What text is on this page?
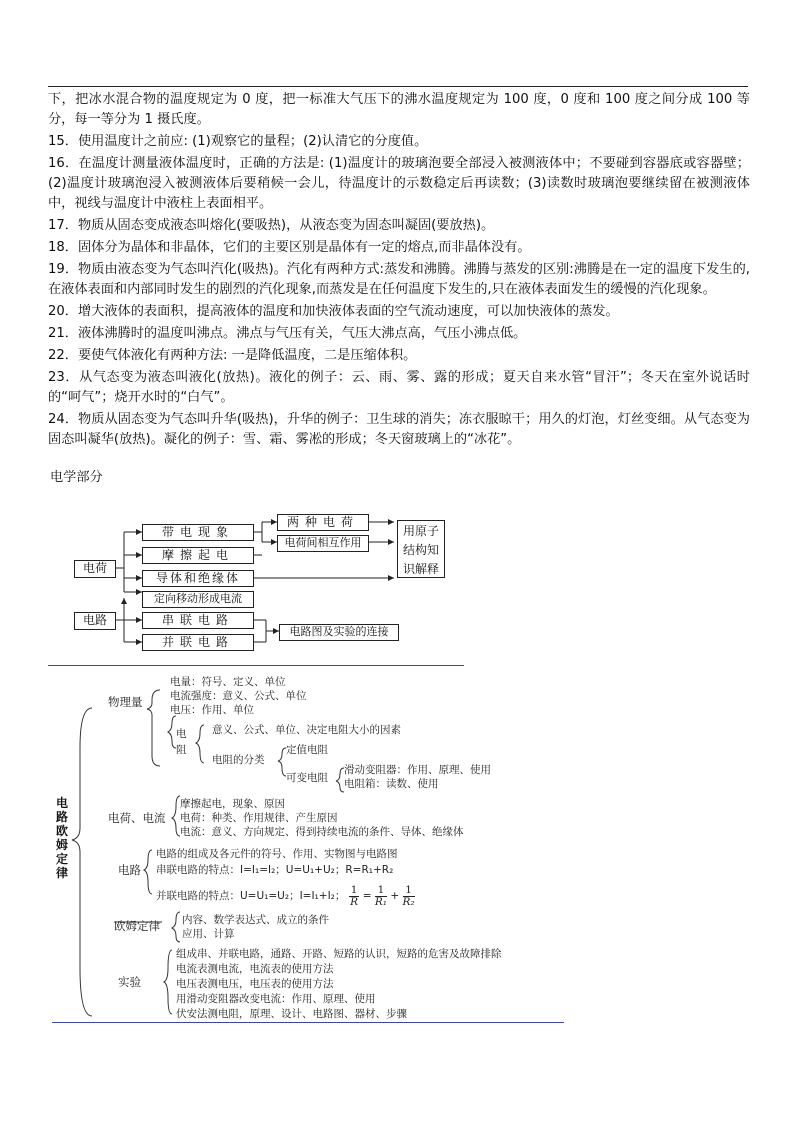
下，把冰水混合物的温度规定为 0 度，把一标准大气压下的沸水温度规定为 100 度，0 度和 100 度之间分成 100 等分，每一等分为 1 摄氏度。

15．使用温度计之前应: (1)观察它的量程；(2)认清它的分度值。

16．在温度计测量液体温度时，正确的方法是: (1)温度计的玻璃泡要全部浸入被测液体中；不要碰到容器底或容器壁；(2)温度计玻璃泡浸入被测液体后要稍候一会儿，待温度计的示数稳定后再读数；(3)读数时玻璃泡要继续留在被测液体中，视线与温度计中液柱上表面相平。

17．物质从固态变成液态叫熔化(要吸热)，从液态变为固态叫凝固(要放热)。

18．固体分为晶体和非晶体，它们的主要区别是晶体有一定的熔点,而非晶体没有。

19．物质由液态变为气态叫汽化(吸热)。汽化有两种方式:蒸发和沸腾。沸腾与蒸发的区别:沸腾是在一定的温度下发生的,在液体表面和内部同时发生的剧烈的汽化现象,而蒸发是在任何温度下发生的,只在液体表面发生的缓慢的汽化现象。

20．增大液体的表面积，提高液体的温度和加快液体表面的空气流动速度，可以加快液体的蒸发。

21．液体沸腾时的温度叫沸点。沸点与气压有关，气压大沸点高，气压小沸点低。

22．要使气体液化有两种方法: 一是降低温度，二是压缩体积。

23．从气态变为液态叫液化(放热)。液化的例子：云、雨、雾、露的形成；夏天自来水管“冒汗”；冬天在室外说话时的“呵气”；烧开水时的“白气”。

24．物质从固态变为气态叫升华(吸热)，升华的例子：卫生球的消失；冻衣服晾干；用久的灯泡，灯丝变细。从气态变为固态叫凝华(放热)。凝化的例子：雪、霜、雾凇的形成；冬天窗玻璃上的“冰花”。

电学部分
电荷
电路
带电现象
摩擦起电
导体和绝缘体
定向移动形成电流
串联电路
并联电路
两种电荷
电荷间相互作用
用原子结构知识解释
电路图及实验的连接
电路 欧姆定律
物理量
电量：符号、定义、单位
电流强度：意义、公式、单位
电压：作用、单位
电阻
意义、公式、单位、决定电阻大小的因素
电阻的分类
定值电阻
可变电阻
滑动变阻器：作用、原理、使用
电阻箱：读数、使用
电荷、电流
摩擦起电，现象、原因
电荷：种类、作用规律、产生原因
电流：意义、方向规定、得到持续电流的条件、导体、绝缘体
电路
电路的组成及各元件的符号、作用、实物图与电路图
串联电路的特点：I=I₁=I₂；U=U₁+U₂；R=R₁+R₂
并联电路的特点：U=U₁=U₂；I=I₁+I₂； $\frac{1}{R} = \frac{1}{\text{R₁}} + \frac{1}{\text{R₂}}$
欧姆定律 内容、数学表达式、成立的条件
应用、计算
实验
组成串、并联电路，通路、开路、短路的认识，短路的危害及故障排除
电流表测电流，电流表的使用方法
电压表测电压，电压表的使用方法
用滑动变阻器改变电流：作用、原理、使用
伏安法测电阻，原理、设计、电路图、器材、步骤
